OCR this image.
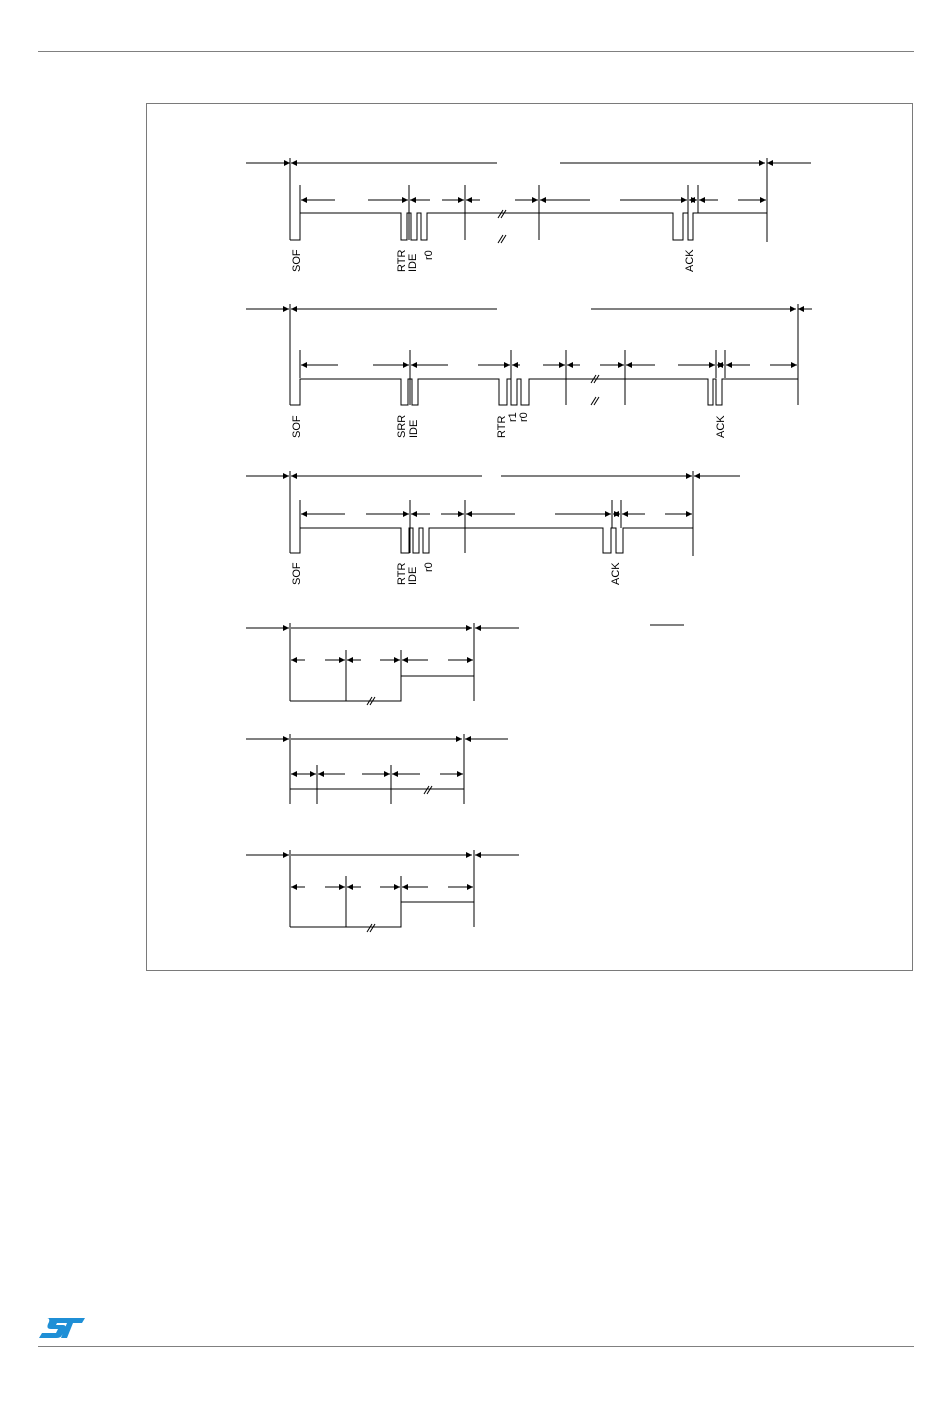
SOF	RTR IDE r0	ACK
SOF	SRR IDE	RTR r1 r0	ACK
SOF	RTR IDE r0	ACK
